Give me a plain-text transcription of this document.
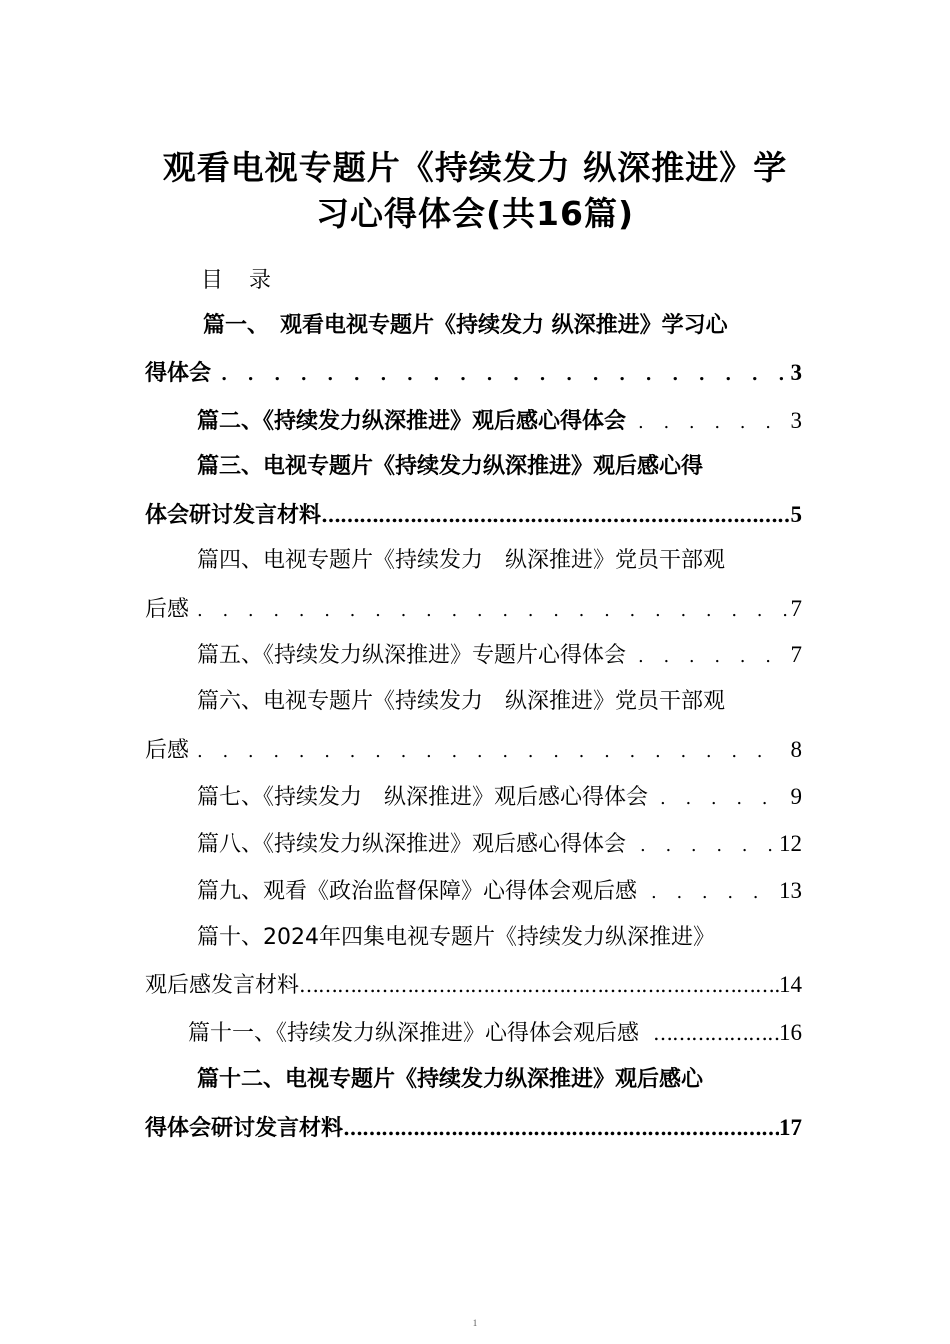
观看电视专题片《持续发力 纵深推进》学
习心得体会(共16篇)
目　录
篇一、　观看电视专题片《持续发力 纵深推进》学习心
得体会 . . .	3
篇二、《持续发力纵深推进》观后感心得体会 . . .	3
篇三、电视专题片《持续发力纵深推进》观后感心得
体会研讨发言材料 ……………………………………………………………………………………………………………………………………	5
篇四、电视专题片《持续发力　纵深推进》党员干部观
后感 . . .	7
篇五、《持续发力纵深推进》专题片心得体会 . . .	7
篇六、电视专题片《持续发力　纵深推进》党员干部观
后感 . . .	8
篇七、《持续发力　纵深推进》观后感心得体会 . . .	9
篇八、《持续发力纵深推进》观后感心得体会 . . .	12
篇九、观看《政治监督保障》心得体会观后感 . . .	13
篇十、2024年四集电视专题片《持续发力纵深推进》
观后感发言材料 ……………………………………………………………………………………………………………………………………	14
篇十一、《持续发力纵深推进》心得体会观后感 ……………………………………………………………………………………………………………………………………	16
篇十二、电视专题片《持续发力纵深推进》观后感心
得体会研讨发言材料 ……………………………………………………………………………………………………………………………………	17
1
